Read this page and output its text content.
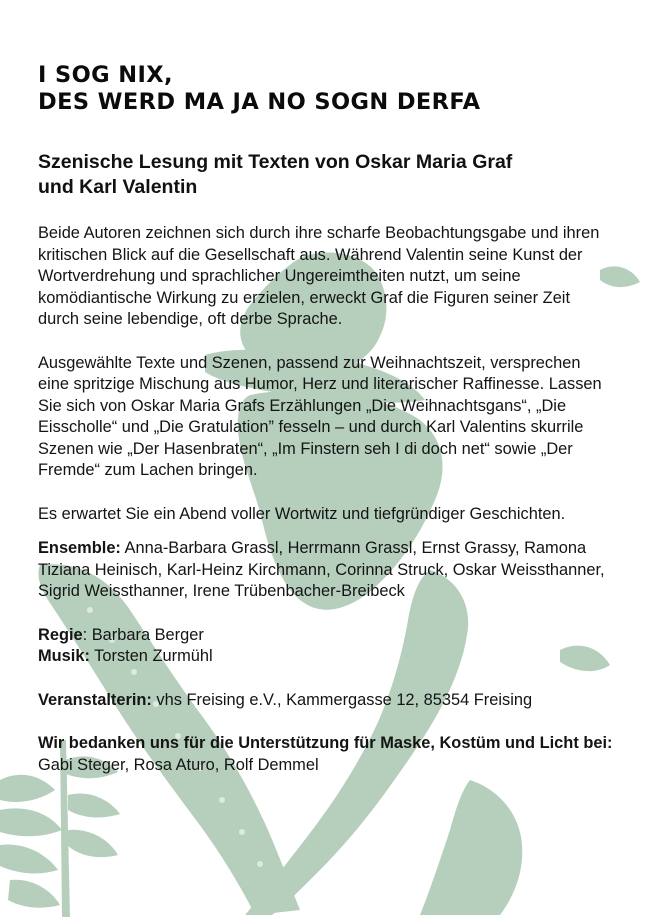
I SOG NIX,
DES WERD MA JA NO SOGN DERFA
Szenische Lesung mit Texten von Oskar Maria Graf
und Karl Valentin

Beide Autoren zeichnen sich durch ihre scharfe Beobachtungsgabe und ihren kritischen Blick auf die Gesellschaft aus. Während Valentin seine Kunst der Wortverdrehung und sprachlicher Ungereimtheiten nutzt, um seine komödiantische Wirkung zu erzielen, erweckt Graf die Figuren seiner Zeit durch seine lebendige, oft derbe Sprache.

Ausgewählte Texte und Szenen, passend zur Weihnachtszeit, versprechen eine spritzige Mischung aus Humor, Herz und literarischer Raffinesse. Lassen Sie sich von Oskar Maria Grafs Erzählungen „Die Weihnachtsgans“, „Die Eisscholle“ und „Die Gratulation” fesseln – und durch Karl Valentins skurrile Szenen wie „Der Hasenbraten“, „Im Finstern seh I di doch net“ sowie „Der Fremde“ zum Lachen bringen.

Es erwartet Sie ein Abend voller Wortwitz und tiefgründiger Geschichten.

Ensemble: Anna-Barbara Grassl, Herrmann Grassl, Ernst Grassy, Ramona Tiziana Heinisch, Karl-Heinz Kirchmann, Corinna Struck, Oskar Weissthanner, Sigrid Weissthanner, Irene Trübenbacher-Breibeck

Regie: Barbara Berger

Musik: Torsten Zurmühl

Veranstalterin: vhs Freising e.V., Kammergasse 12, 85354 Freising

Wir bedanken uns für die Unterstützung für Maske, Kostüm und Licht bei: Gabi Steger, Rosa Aturo, Rolf Demmel
